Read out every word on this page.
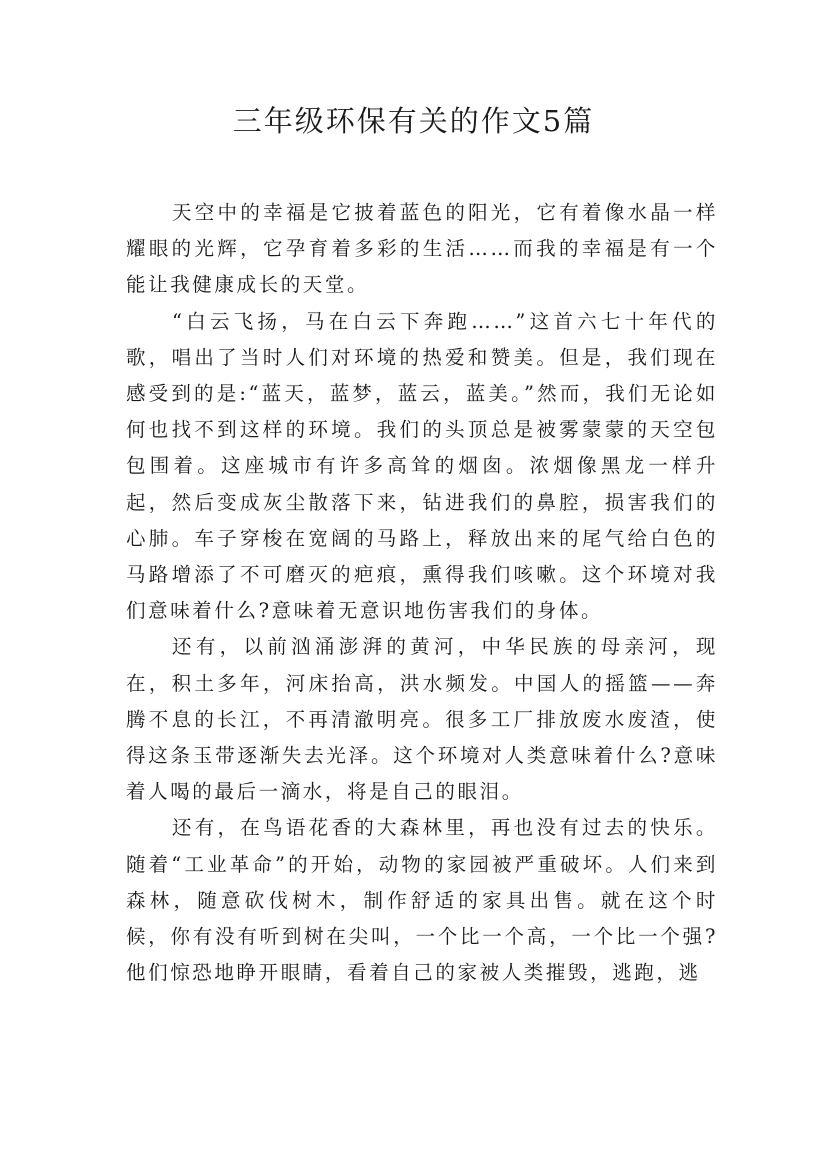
三年级环保有关的作文5篇

天空中的幸福是它披着蓝色的阳光，它有着像水晶一样耀眼的光辉，它孕育着多彩的生活……而我的幸福是有一个能让我健康成长的天堂。

“白云飞扬，马在白云下奔跑……”这首六七十年代的歌，唱出了当时人们对环境的热爱和赞美。但是，我们现在感受到的是:“蓝天，蓝梦，蓝云，蓝美。”然而，我们无论如何也找不到这样的环境。我们的头顶总是被雾蒙蒙的天空包包围着。这座城市有许多高耸的烟囱。浓烟像黑龙一样升起，然后变成灰尘散落下来，钻进我们的鼻腔，损害我们的心肺。车子穿梭在宽阔的马路上，释放出来的尾气给白色的马路增添了不可磨灭的疤痕，熏得我们咳嗽。这个环境对我们意味着什么?意味着无意识地伤害我们的身体。

还有，以前汹涌澎湃的黄河，中华民族的母亲河，现在，积土多年，河床抬高，洪水频发。中国人的摇篮——奔腾不息的长江，不再清澈明亮。很多工厂排放废水废渣，使得这条玉带逐渐失去光泽。这个环境对人类意味着什么?意味着人喝的最后一滴水，将是自己的眼泪。

还有，在鸟语花香的大森林里，再也没有过去的快乐。随着“工业革命”的开始，动物的家园被严重破坏。人们来到森林，随意砍伐树木，制作舒适的家具出售。就在这个时候，你有没有听到树在尖叫，一个比一个高，一个比一个强?他们惊恐地睁开眼睛，看着自己的家被人类摧毁，逃跑，逃
